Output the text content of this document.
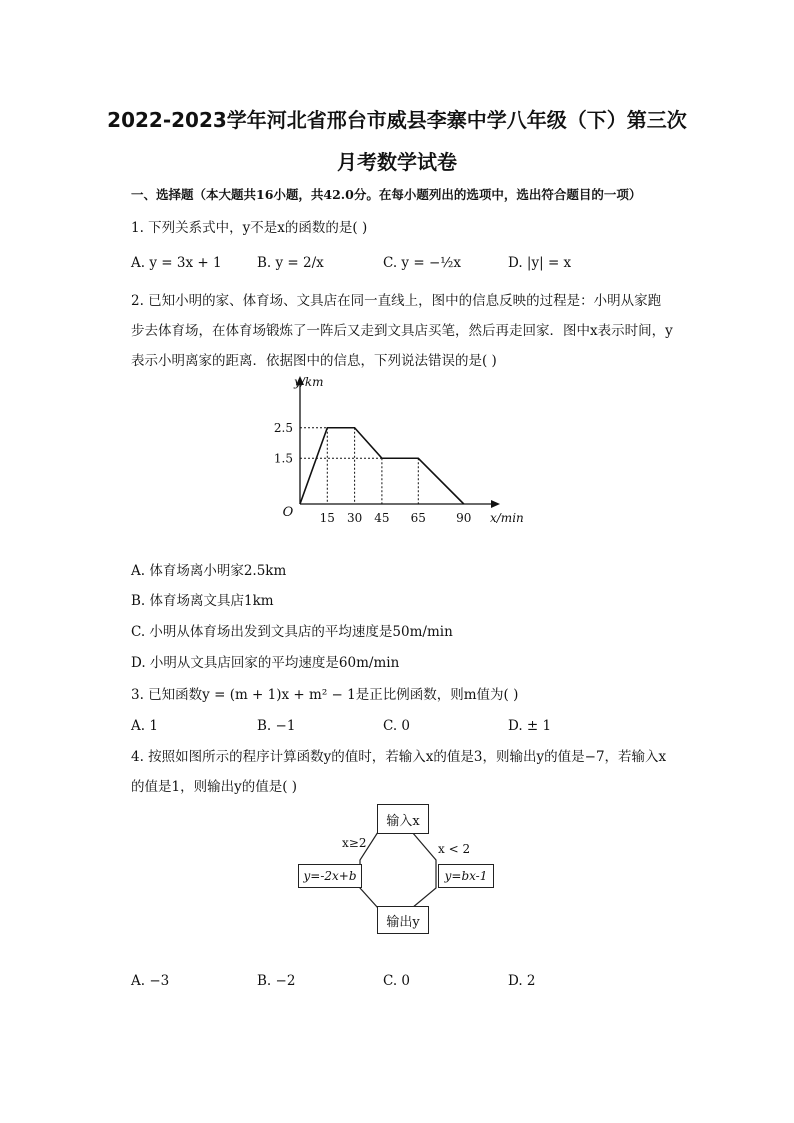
2022-2023学年河北省邢台市威县李寨中学八年级（下）第三次
月考数学试卷
一、选择题（本大题共16小题，共42.0分。在每小题列出的选项中，选出符合题目的一项）
1. 下列关系式中，y不是x的函数的是( )
A. y = 3x + 1	B. y = 2/x	C. y = −½x	D. |y| = x
2. 已知小明的家、体育场、文具店在同一直线上，图中的信息反映的过程是：小明从家跑
步去体育场，在体育场锻炼了一阵后又走到文具店买笔，然后再走回家．图中x表示时间，y
表示小明离家的距离．依据图中的信息，下列说法错误的是( )
15 30 45 65	90
1.5
2.5
O
y/km
x/min
A. 体育场离小明家2.5km
B. 体育场离文具店1km
C. 小明从体育场出发到文具店的平均速度是50m/min
D. 小明从文具店回家的平均速度是60m/min
3. 已知函数y = (m + 1)x + m² − 1是正比例函数，则m值为( )
A. 1	B. −1	C. 0	D. ± 1
4. 按照如图所示的程序计算函数y的值时，若输入x的值是3，则输出y的值是−7，若输入x
的值是1，则输出y的值是( )
输入x
输出y
y=-2x+b	y=bx-1
x≥2	x < 2
A. −3	B. −2	C. 0	D. 2
